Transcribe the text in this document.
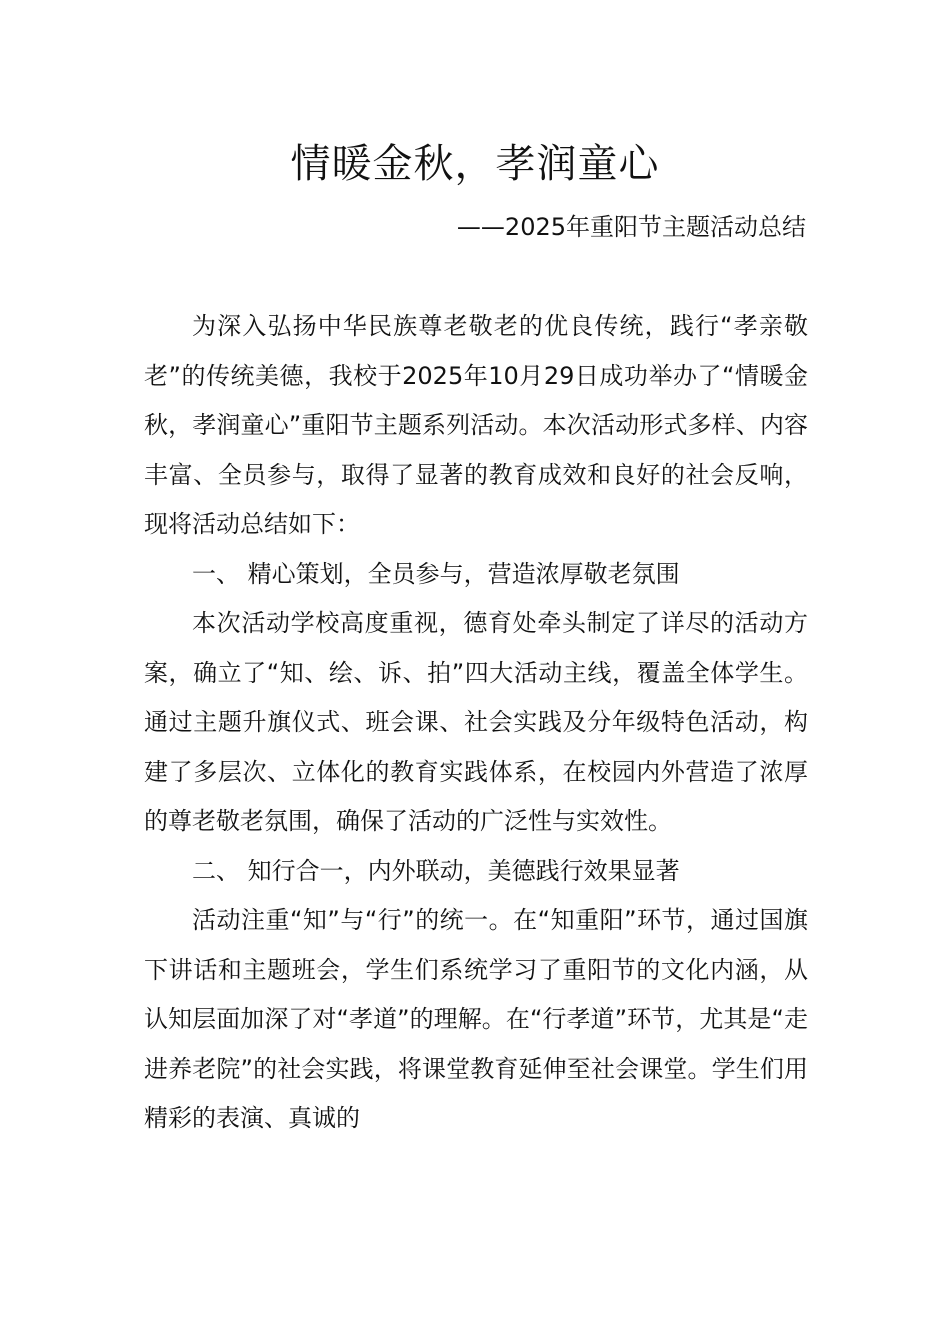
情暖金秋，孝润童心
——2025年重阳节主题活动总结

为深入弘扬中华民族尊老敬老的优良传统，践行“孝亲敬老”的传统美德，我校于2025年10月29日成功举办了“情暖金秋，孝润童心”重阳节主题系列活动。本次活动形式多样、内容丰富、全员参与，取得了显著的教育成效和良好的社会反响，现将活动总结如下：

一、 精心策划，全员参与，营造浓厚敬老氛围

本次活动学校高度重视，德育处牵头制定了详尽的活动方案，确立了“知、绘、诉、拍”四大活动主线，覆盖全体学生。通过主题升旗仪式、班会课、社会实践及分年级特色活动，构建了多层次、立体化的教育实践体系，在校园内外营造了浓厚的尊老敬老氛围，确保了活动的广泛性与实效性。

二、 知行合一，内外联动，美德践行效果显著

活动注重“知”与“行”的统一。在“知重阳”环节，通过国旗下讲话和主题班会，学生们系统学习了重阳节的文化内涵，从认知层面加深了对“孝道”的理解。在“行孝道”环节，尤其是“走进养老院”的社会实践，将课堂教育延伸至社会课堂。学生们用精彩的表演、真诚的
